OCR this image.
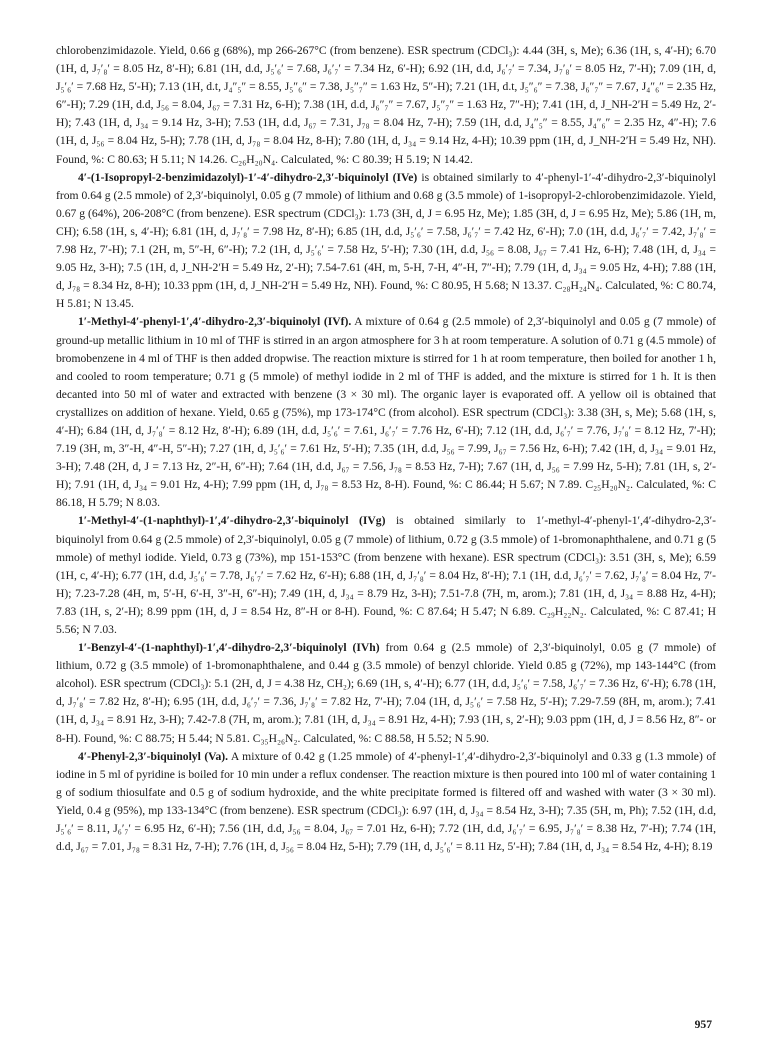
chlorobenzimidazole. Yield, 0.66 g (68%), mp 266-267°C (from benzene). ESR spectrum (CDCl₃): 4.44 (3H, s, Me); 6.36 (1H, s, 4′-H); 6.70 (1H, d, J₇′₈′ = 8.05 Hz, 8′-H); 6.81 (1H, d.d, J₅′₆′ = 7.68, J₆′₇′ = 7.34 Hz, 6′-H); 6.92 (1H, d.d, J₆′₇′ = 7.34, J₇′₈′ = 8.05 Hz, 7′-H); 7.09 (1H, d, J₅′₆′ = 7.68 Hz, 5′-H); 7.13 (1H, d.t, J₄″₅″ = 8.55, J₅″₆″ = 7.38, J₅″₇″ = 1.63 Hz, 5″-H); 7.21 (1H, d.t, J₅″₆″ = 7.38, J₆″₇″ = 7.67, J₄″₆″ = 2.35 Hz, 6″-H); 7.29 (1H, d.d, J₅₆ = 8.04, J₆₇ = 7.31 Hz, 6-H); 7.38 (1H, d.d, J₆″₇″ = 7.67, J₅″₇″ = 1.63 Hz, 7″-H); 7.41 (1H, d, J_NH-2′H = 5.49 Hz, 2′-H); 7.43 (1H, d, J₃₄ = 9.14 Hz, 3-H); 7.53 (1H, d.d, J₆₇ = 7.31, J₇₈ = 8.04 Hz, 7-H); 7.59 (1H, d.d, J₄″₅″ = 8.55, J₄″₆″ = 2.35 Hz, 4″-H); 7.6 (1H, d, J₅₆ = 8.04 Hz, 5-H); 7.78 (1H, d, J₇₈ = 8.04 Hz, 8-H); 7.80 (1H, d, J₃₄ = 9.14 Hz, 4-H); 10.39 ppm (1H, d, J_NH-2′H = 5.49 Hz, NH). Found, %: C 80.63; H 5.11; N 14.26. C₂₆H₂₀N₄. Calculated, %: C 80.39; H 5.19; N 14.42.

4′-(1-Isopropyl-2-benzimidazolyl)-1′-4′-dihydro-2,3′-biquinolyl (IVe) is obtained similarly to 4′-phenyl-1′-4′-dihydro-2,3′-biquinolyl from 0.64 g (2.5 mmole) of 2,3′-biquinolyl, 0.05 g (7 mmole) of lithium and 0.68 g (3.5 mmole) of 1-isopropyl-2-chlorobenzimidazole. Yield, 0.67 g (64%), 206-208°C (from benzene). ESR spectrum (CDCl₃): 1.73 (3H, d, J = 6.95 Hz, Me); 1.85 (3H, d, J = 6.95 Hz, Me); 5.86 (1H, m, CH); 6.58 (1H, s, 4′-H); 6.81 (1H, d, J₇′₈′ = 7.98 Hz, 8′-H); 6.85 (1H, d.d, J₅′₆′ = 7.58, J₆′₇′ = 7.42 Hz, 6′-H); 7.0 (1H, d.d, J₆′₇′ = 7.42, J₇′₈′ = 7.98 Hz, 7′-H); 7.1 (2H, m, 5″-H, 6″-H); 7.2 (1H, d, J₅′₆′ = 7.58 Hz, 5′-H); 7.30 (1H, d.d, J₅₆ = 8.08, J₆₇ = 7.41 Hz, 6-H); 7.48 (1H, d, J₃₄ = 9.05 Hz, 3-H); 7.5 (1H, d, J_NH-2′H = 5.49 Hz, 2′-H); 7.54-7.61 (4H, m, 5-H, 7-H, 4″-H, 7″-H); 7.79 (1H, d, J₃₄ = 9.05 Hz, 4-H); 7.88 (1H, d, J₇₈ = 8.34 Hz, 8-H); 10.33 ppm (1H, d, J_NH-2′H = 5.49 Hz, NH). Found, %: C 80.95, H 5.68; N 13.37. C₂₈H₂₄N₄. Calculated, %: C 80.74, H 5.81; N 13.45.

1′-Methyl-4′-phenyl-1′,4′-dihydro-2,3′-biquinolyl (IVf). A mixture of 0.64 g (2.5 mmole) of 2,3′-biquinolyl and 0.05 g (7 mmole) of ground-up metallic lithium in 10 ml of THF is stirred in an argon atmosphere for 3 h at room temperature. A solution of 0.71 g (4.5 mmole) of bromobenzene in 4 ml of THF is then added dropwise. The reaction mixture is stirred for 1 h at room temperature, then boiled for another 1 h, and cooled to room temperature; 0.71 g (5 mmole) of methyl iodide in 2 ml of THF is added, and the mixture is stirred for 1 h. It is then decanted into 50 ml of water and extracted with benzene (3 × 30 ml). The organic layer is evaporated off. A yellow oil is obtained that crystallizes on addition of hexane. Yield, 0.65 g (75%), mp 173-174°C (from alcohol). ESR spectrum (CDCl₃): 3.38 (3H, s, Me); 5.68 (1H, s, 4′-H); 6.84 (1H, d, J₇′₈′ = 8.12 Hz, 8′-H); 6.89 (1H, d.d, J₅′₆′ = 7.61, J₆′₇′ = 7.76 Hz, 6′-H); 7.12 (1H, d.d, J₆′₇′ = 7.76, J₇′₈′ = 8.12 Hz, 7′-H); 7.19 (3H, m, 3″-H, 4″-H, 5″-H); 7.27 (1H, d, J₅′₆′ = 7.61 Hz, 5′-H); 7.35 (1H, d.d, J₅₆ = 7.99, J₆₇ = 7.56 Hz, 6-H); 7.42 (1H, d, J₃₄ = 9.01 Hz, 3-H); 7.48 (2H, d, J = 7.13 Hz, 2″-H, 6″-H); 7.64 (1H, d.d, J₆₇ = 7.56, J₇₈ = 8.53 Hz, 7-H); 7.67 (1H, d, J₅₆ = 7.99 Hz, 5-H); 7.81 (1H, s, 2′-H); 7.91 (1H, d, J₃₄ = 9.01 Hz, 4-H); 7.99 ppm (1H, d, J₇₈ = 8.53 Hz, 8-H). Found, %: C 86.44; H 5.67; N 7.89. C₂₅H₂₀N₂. Calculated, %: C 86.18, H 5.79; N 8.03.

1′-Methyl-4′-(1-naphthyl)-1′,4′-dihydro-2,3′-biquinolyl (IVg) is obtained similarly to 1′-methyl-4′-phenyl-1′,4′-dihydro-2,3′-biquinolyl from 0.64 g (2.5 mmole) of 2,3′-biquinolyl, 0.05 g (7 mmole) of lithium, 0.72 g (3.5 mmole) of 1-bromonaphthalene, and 0.71 g (5 mmole) of methyl iodide. Yield, 0.73 g (73%), mp 151-153°C (from benzene with hexane). ESR spectrum (CDCl₃): 3.51 (3H, s, Me); 6.59 (1H, c, 4′-H); 6.77 (1H, d.d, J₅′₆′ = 7.78, J₆′₇′ = 7.62 Hz, 6′-H); 6.88 (1H, d, J₇′₈′ = 8.04 Hz, 8′-H); 7.1 (1H, d.d, J₆′₇′ = 7.62, J₇′₈′ = 8.04 Hz, 7′-H); 7.23-7.28 (4H, m, 5′-H, 6′-H, 3″-H, 6″-H); 7.49 (1H, d, J₃₄ = 8.79 Hz, 3-H); 7.51-7.8 (7H, m, arom.); 7.81 (1H, d, J₃₄ = 8.88 Hz, 4-H); 7.83 (1H, s, 2′-H); 8.99 ppm (1H, d, J = 8.54 Hz, 8″-H or 8-H). Found, %: C 87.64; H 5.47; N 6.89. C₂₉H₂₂N₂. Calculated, %: C 87.41; H 5.56; N 7.03.

1′-Benzyl-4′-(1-naphthyl)-1′,4′-dihydro-2,3′-biquinolyl (IVh) from 0.64 g (2.5 mmole) of 2,3′-biquinolyl, 0.05 g (7 mmole) of lithium, 0.72 g (3.5 mmole) of 1-bromonaphthalene, and 0.44 g (3.5 mmole) of benzyl chloride. Yield 0.85 g (72%), mp 143-144°C (from alcohol). ESR spectrum (CDCl₃): 5.1 (2H, d, J = 4.38 Hz, CH₂); 6.69 (1H, s, 4′-H); 6.77 (1H, d.d, J₅′₆′ = 7.58, J₆′₇′ = 7.36 Hz, 6′-H); 6.78 (1H, d, J₇′₈′ = 7.82 Hz, 8′-H); 6.95 (1H, d.d, J₆′₇′ = 7.36, J₇′₈′ = 7.82 Hz, 7′-H); 7.04 (1H, d, J₅′₆′ = 7.58 Hz, 5′-H); 7.29-7.59 (8H, m, arom.); 7.41 (1H, d, J₃₄ = 8.91 Hz, 3-H); 7.42-7.8 (7H, m, arom.); 7.81 (1H, d, J₃₄ = 8.91 Hz, 4-H); 7.93 (1H, s, 2′-H); 9.03 ppm (1H, d, J = 8.56 Hz, 8″- or 8-H). Found, %: C 88.75; H 5.44; N 5.81. C₃₅H₂₆N₂. Calculated, %: C 88.58, H 5.52; N 5.90.

4′-Phenyl-2,3′-biquinolyl (Va). A mixture of 0.42 g (1.25 mmole) of 4′-phenyl-1′,4′-dihydro-2,3′-biquinolyl and 0.33 g (1.3 mmole) of iodine in 5 ml of pyridine is boiled for 10 min under a reflux condenser. The reaction mixture is then poured into 100 ml of water containing 1 g of sodium thiosulfate and 0.5 g of sodium hydroxide, and the white precipitate formed is filtered off and washed with water (3 × 30 ml). Yield, 0.4 g (95%), mp 133-134°C (from benzene). ESR spectrum (CDCl₃): 6.97 (1H, d, J₃₄ = 8.54 Hz, 3-H); 7.35 (5H, m, Ph); 7.52 (1H, d.d, J₅′₆′ = 8.11, J₆′₇′ = 6.95 Hz, 6′-H); 7.56 (1H, d.d, J₅₆ = 8.04, J₆₇ = 7.01 Hz, 6-H); 7.72 (1H, d.d, J₆′₇′ = 6.95, J₇′₈′ = 8.38 Hz, 7′-H); 7.74 (1H, d.d, J₆₇ = 7.01, J₇₈ = 8.31 Hz, 7-H); 7.76 (1H, d, J₅₆ = 8.04 Hz, 5-H); 7.79 (1H, d, J₅′₆′ = 8.11 Hz, 5′-H); 7.84 (1H, d, J₃₄ = 8.54 Hz, 4-H); 8.19

957
